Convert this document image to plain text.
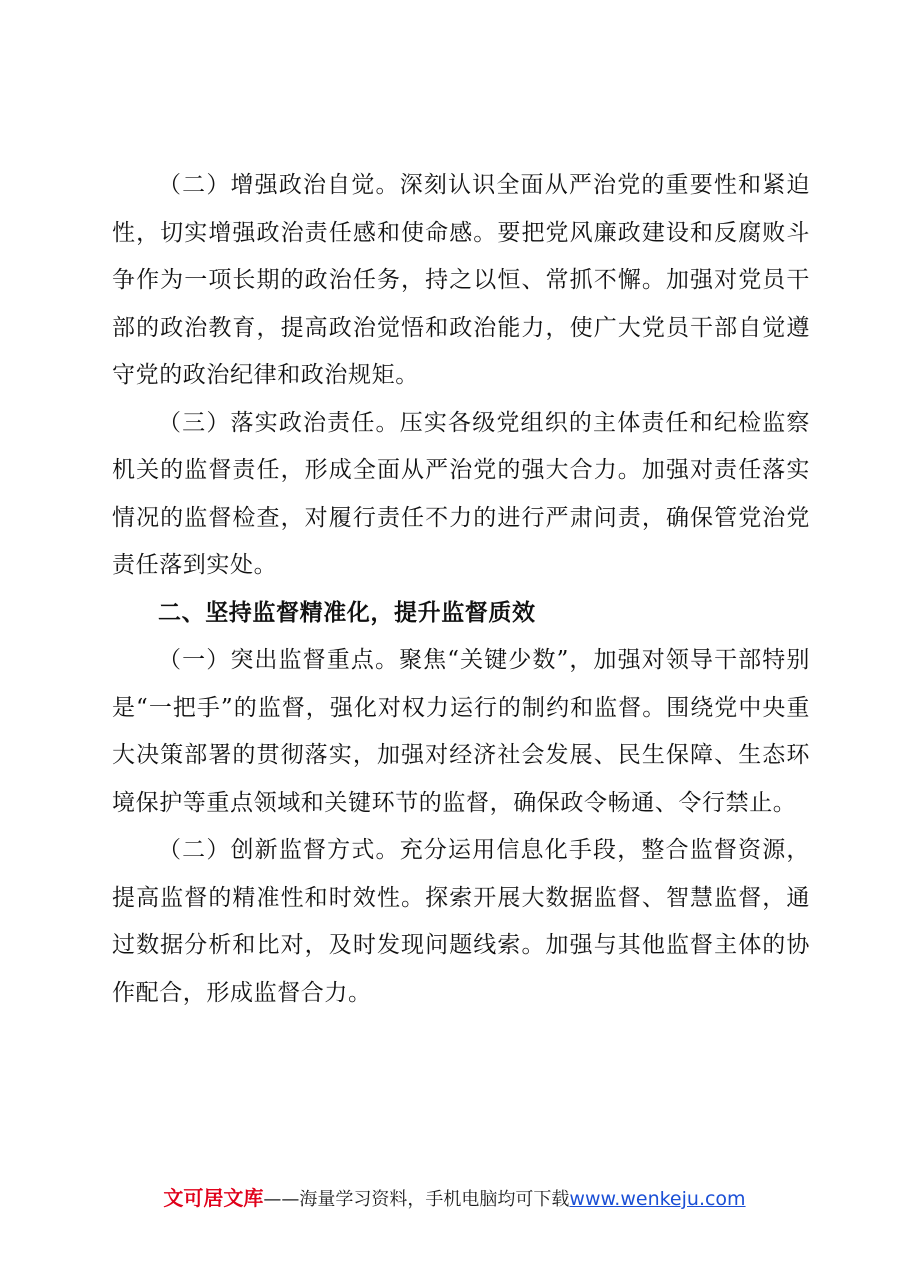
（二）增强政治自觉。深刻认识全面从严治党的重要性和紧迫性，切实增强政治责任感和使命感。要把党风廉政建设和反腐败斗争作为一项长期的政治任务，持之以恒、常抓不懈。加强对党员干部的政治教育，提高政治觉悟和政治能力，使广大党员干部自觉遵守党的政治纪律和政治规矩。

（三）落实政治责任。压实各级党组织的主体责任和纪检监察机关的监督责任，形成全面从严治党的强大合力。加强对责任落实情况的监督检查，对履行责任不力的进行严肃问责，确保管党治党责任落到实处。

二、坚持监督精准化，提升监督质效

（一）突出监督重点。聚焦“关键少数”，加强对领导干部特别是“一把手”的监督，强化对权力运行的制约和监督。围绕党中央重大决策部署的贯彻落实，加强对经济社会发展、民生保障、生态环境保护等重点领域和关键环节的监督，确保政令畅通、令行禁止。

（二）创新监督方式。充分运用信息化手段，整合监督资源，提高监督的精准性和时效性。探索开展大数据监督、智慧监督，通过数据分析和比对，及时发现问题线索。加强与其他监督主体的协作配合，形成监督合力。

文可居文库——海量学习资料，手机电脑均可下载www.wenkeju.com
